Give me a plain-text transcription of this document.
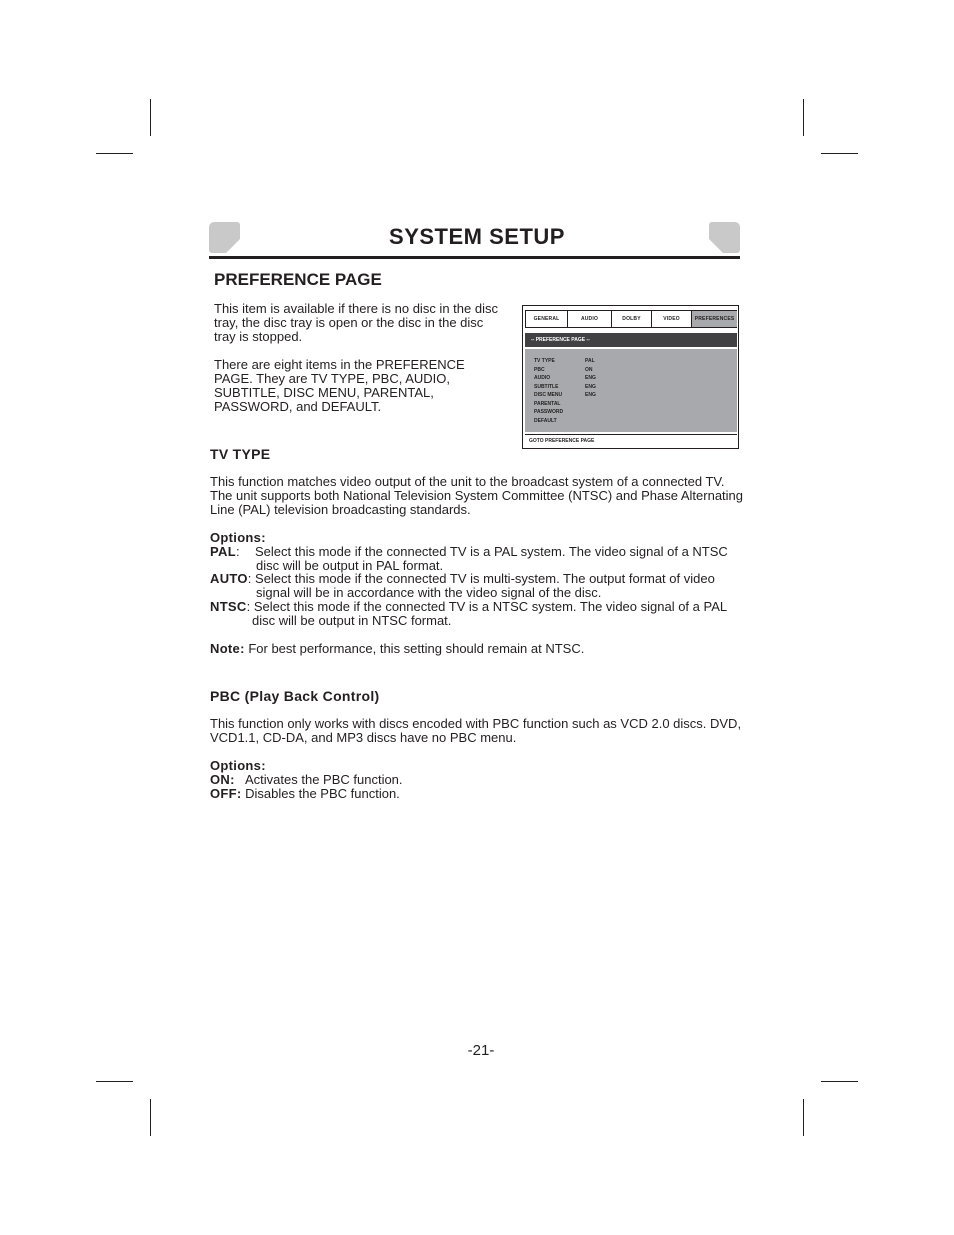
SYSTEM SETUP
PREFERENCE PAGE

This item is available if there is no disc in the disc tray, the disc tray is open or the disc in the disc tray is stopped.

There are eight items in the PREFERENCE PAGE. They are TV TYPE, PBC, AUDIO, SUBTITLE, DISC MENU, PARENTAL, PASSWORD, and DEFAULT.

GENERAL	AUDIO	DOLBY	VIDEO	PREFERENCES
-- PREFERENCE PAGE --
TV TYPE	PAL
PBC	ON
AUDIO	ENG
SUBTITLE	ENG
DISC MENU	ENG
PARENTAL
PASSWORD
DEFAULT
GOTO PREFERENCE PAGE
TV TYPE

This function matches video output of the unit to the broadcast system of a connected TV. The unit supports both National Television System Committee (NTSC) and Phase Alternating Line (PAL) television broadcasting standards.

Options:
PAL: Select this mode if the connected TV is a PAL system. The video signal of a NTSC
disc will be output in PAL format.
AUTO: Select this mode if the connected TV is multi-system. The output format of video
signal will be in accordance with the video signal of the disc.
NTSC: Select this mode if the connected TV is a NTSC system. The video signal of a PAL
disc will be output in NTSC format.
Note: For best performance, this setting should remain at NTSC.
PBC (Play Back Control)

This function only works with discs encoded with PBC function such as VCD 2.0 discs. DVD, VCD1.1, CD-DA, and MP3 discs have no PBC menu.

Options:
ON: Activates the PBC function.
OFF: Disables the PBC function.
-21-
